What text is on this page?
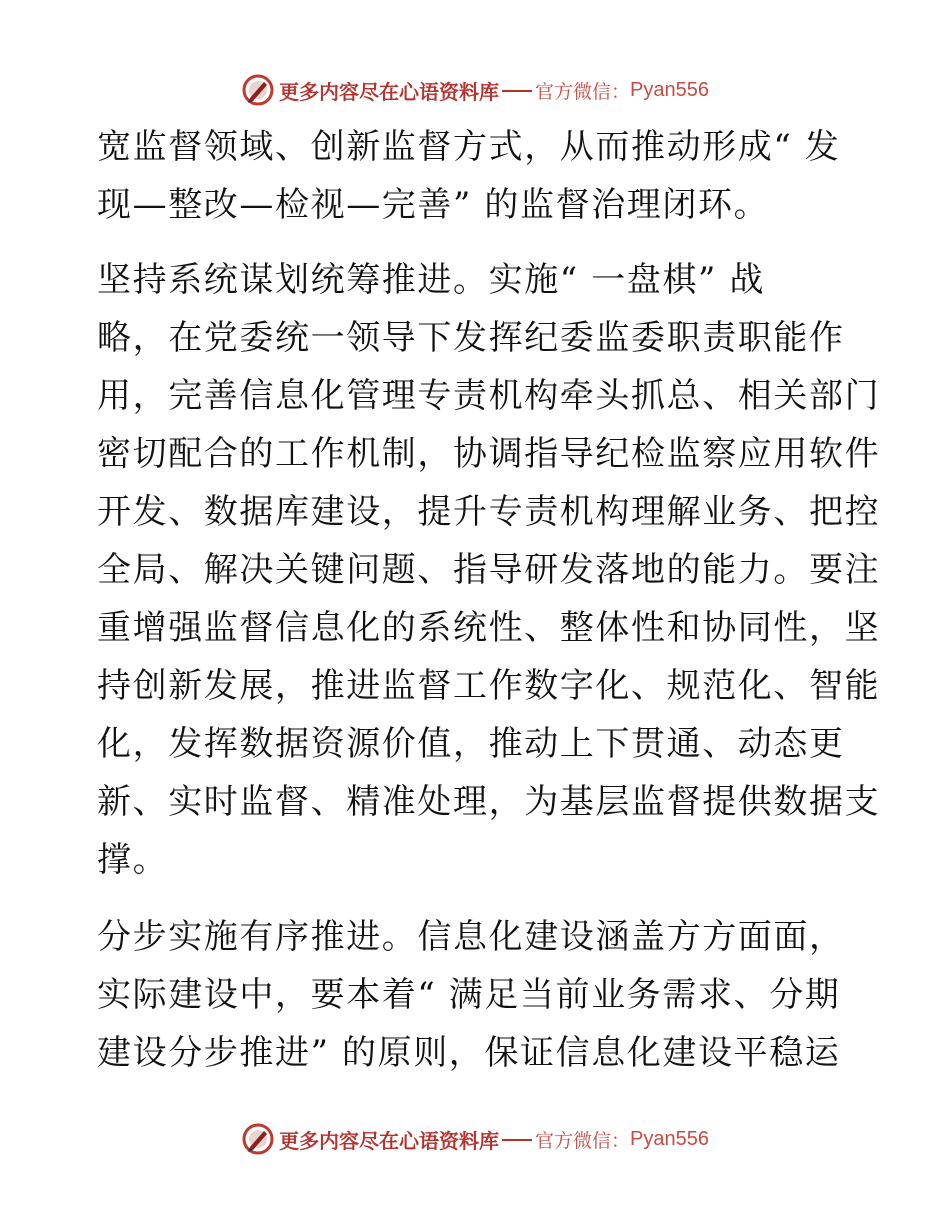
更多内容尽在心语资料库 官方微信： Pyan556
宽监督领域、创新监督方式，从而推动形成“ 发
现—整改—检视—完善” 的监督治理闭环。
坚持系统谋划统筹推进。实施“ 一盘棋” 战
略，在党委统一领导下发挥纪委监委职责职能作
用，完善信息化管理专责机构牵头抓总、相关部门
密切配合的工作机制，协调指导纪检监察应用软件
开发、数据库建设，提升专责机构理解业务、把控
全局、解决关键问题、指导研发落地的能力。要注
重增强监督信息化的系统性、整体性和协同性，坚
持创新发展，推进监督工作数字化、规范化、智能
化，发挥数据资源价值，推动上下贯通、动态更
新、实时监督、精准处理，为基层监督提供数据支
撑。
分步实施有序推进。信息化建设涵盖方方面面，
实际建设中，要本着“ 满足当前业务需求、分期
建设分步推进” 的原则，保证信息化建设平稳运
更多内容尽在心语资料库 官方微信： Pyan556
